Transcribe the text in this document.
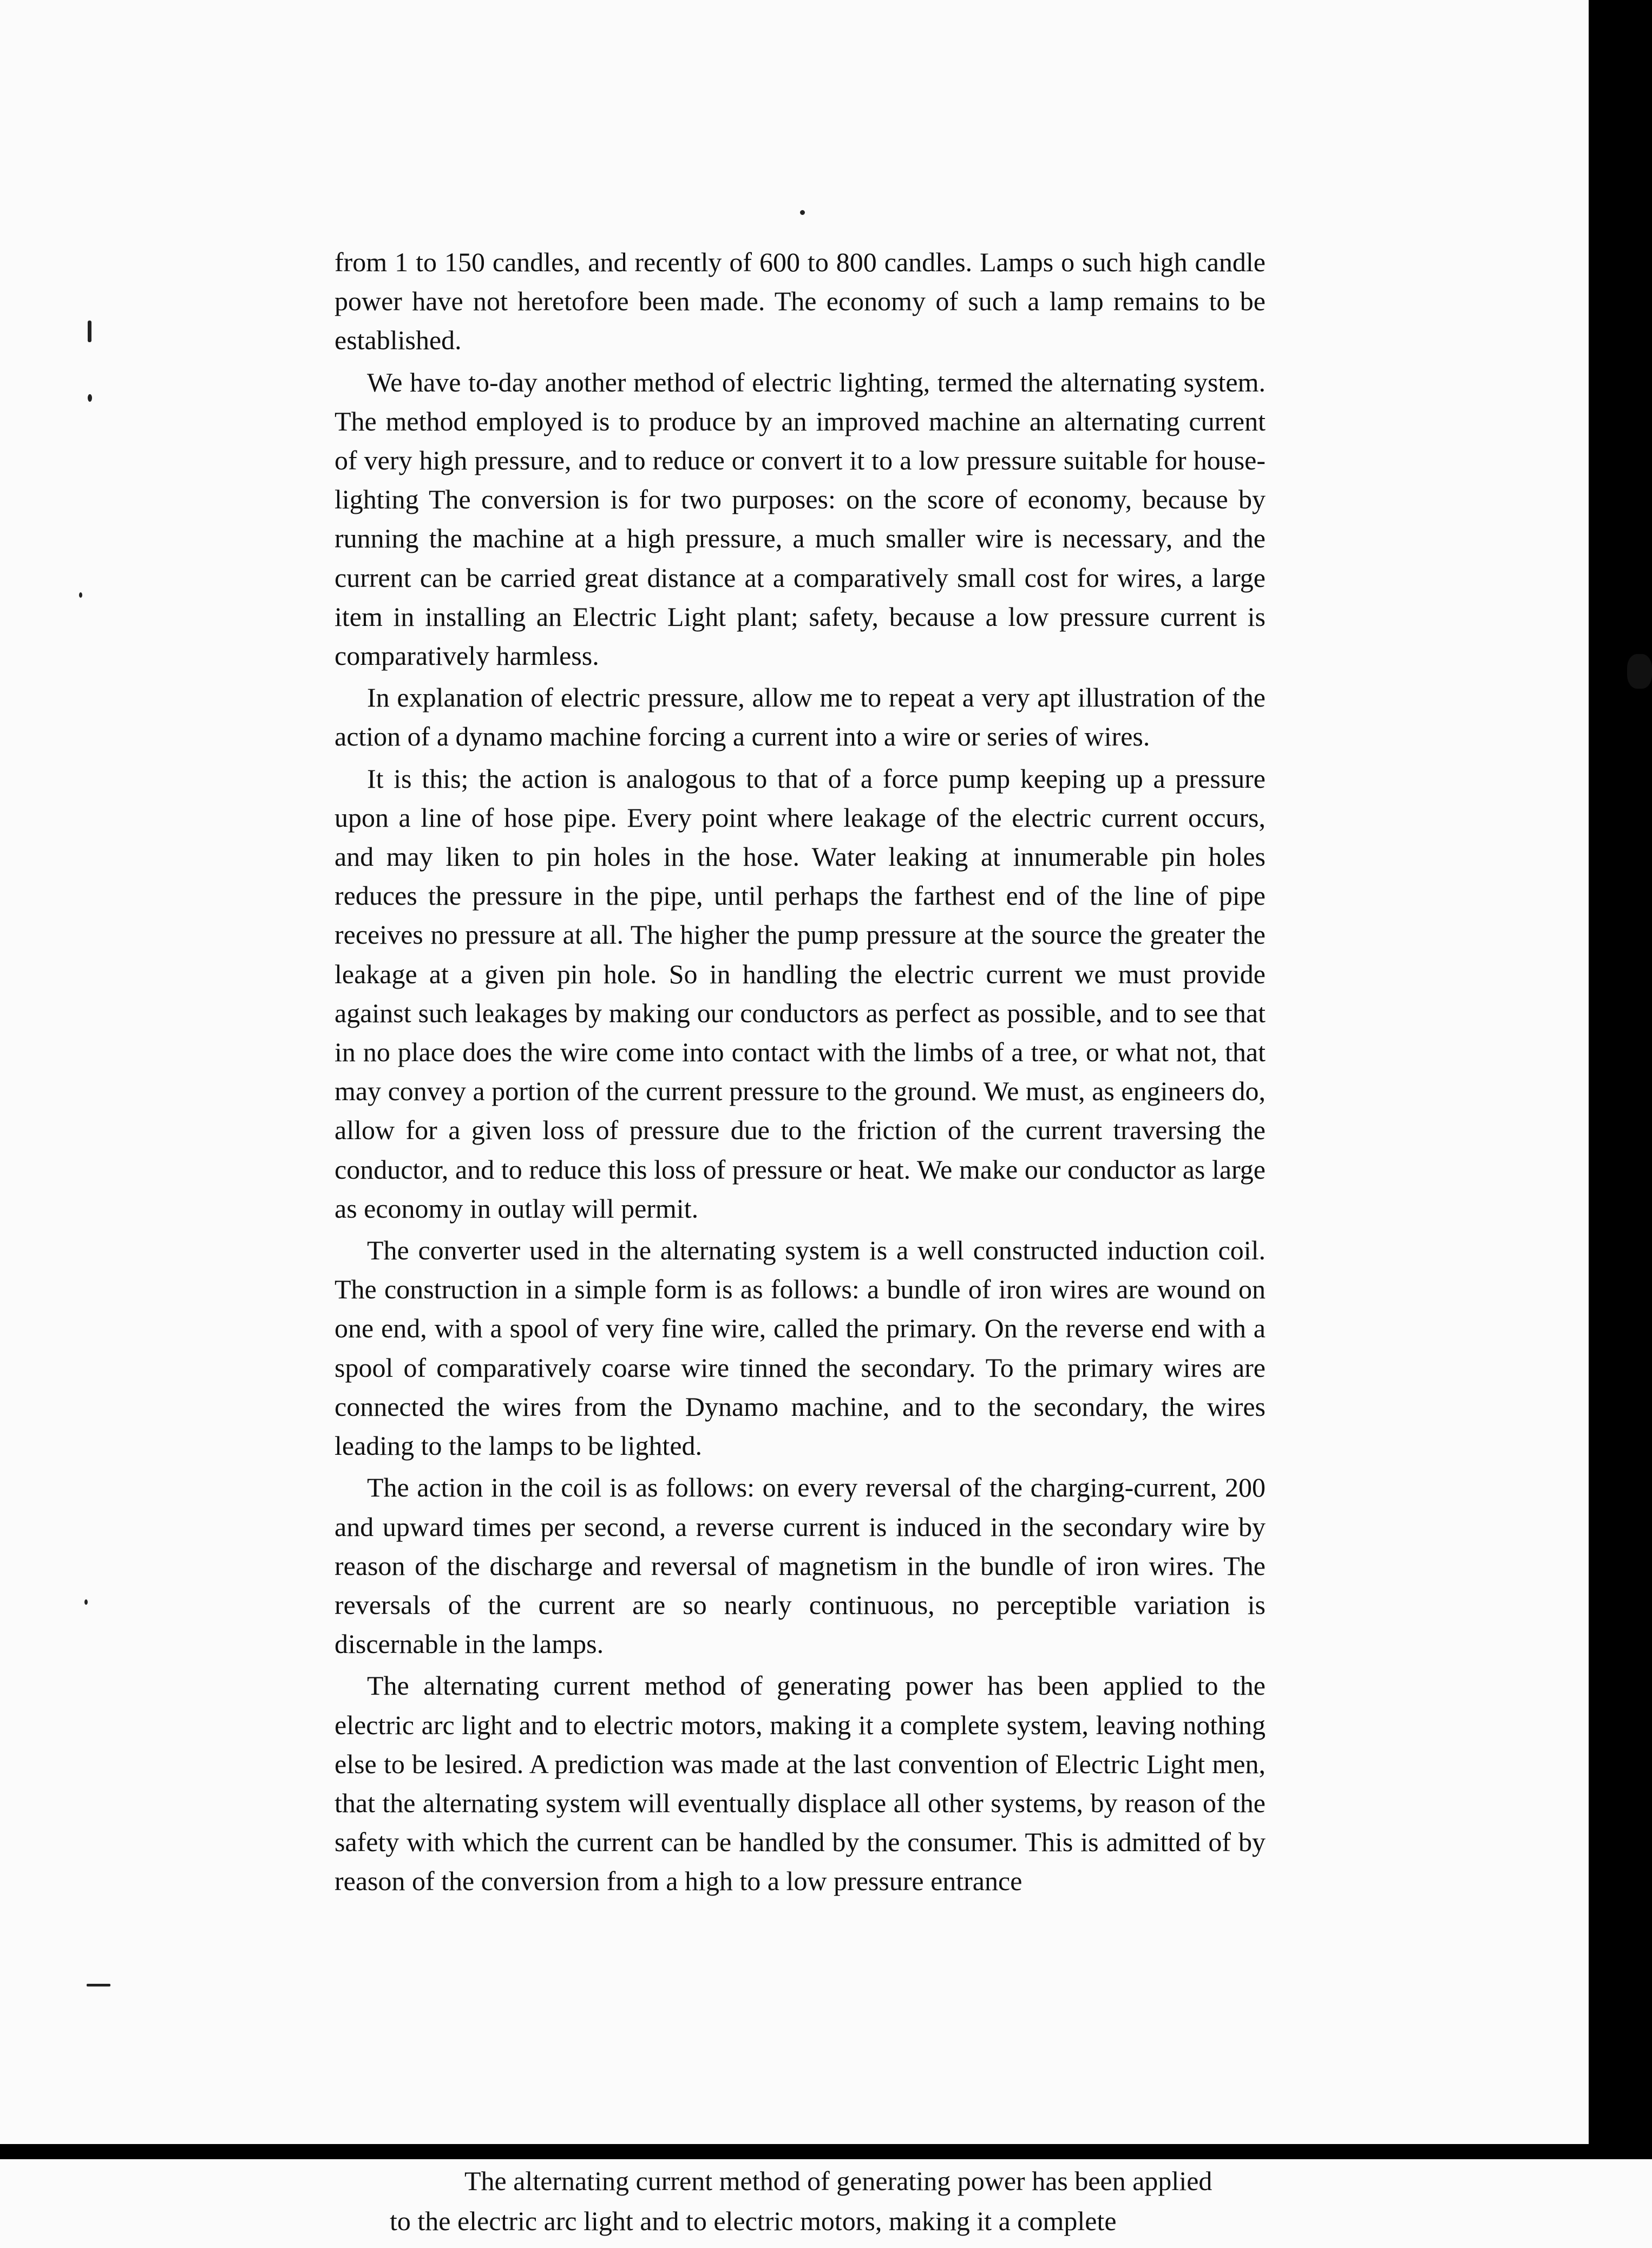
from 1 to 150 candles, and recently of 600 to 800 candles. Lamps o such high candle power have not heretofore been made. The economy of such a lamp remains to be established.

We have to-day another method of electric lighting, termed the alternating system. The method employed is to produce by an improved machine an alternating current of very high pressure, and to reduce or convert it to a low pressure suitable for house-lighting The conversion is for two purposes: on the score of economy, because by running the machine at a high pressure, a much smaller wire is necessary, and the current can be carried great distance at a comparatively small cost for wires, a large item in installing an Electric Light plant; safety, because a low pressure current is comparatively harmless.

In explanation of electric pressure, allow me to repeat a very apt illustration of the action of a dynamo machine forcing a current into a wire or series of wires.

It is this; the action is analogous to that of a force pump keeping up a pressure upon a line of hose pipe. Every point where leakage of the electric current occurs, and may liken to pin holes in the hose. Water leaking at innumerable pin holes reduces the pressure in the pipe, until perhaps the farthest end of the line of pipe receives no pressure at all. The higher the pump pressure at the source the greater the leakage at a given pin hole. So in handling the electric current we must provide against such leakages by making our conductors as perfect as possible, and to see that in no place does the wire come into contact with the limbs of a tree, or what not, that may convey a portion of the current pressure to the ground. We must, as engineers do, allow for a given loss of pressure due to the friction of the current traversing the conductor, and to reduce this loss of pressure or heat. We make our conductor as large as economy in outlay will permit.

The converter used in the alternating system is a well constructed induction coil. The construction in a simple form is as follows: a bundle of iron wires are wound on one end, with a spool of very fine wire, called the primary. On the reverse end with a spool of comparatively coarse wire tinned the secondary. To the primary wires are connected the wires from the Dynamo machine, and to the secondary, the wires leading to the lamps to be lighted.

The action in the coil is as follows: on every reversal of the charging-current, 200 and upward times per second, a reverse current is induced in the secondary wire by reason of the discharge and reversal of magnetism in the bundle of iron wires. The reversals of the current are so nearly continuous, no perceptible variation is discernable in the lamps.

The alternating current method of generating power has been applied to the electric arc light and to electric motors, making it a complete system, leaving nothing else to be lesired. A prediction was made at the last convention of Electric Light men, that the alternating system will eventually displace all other systems, by reason of the safety with which the current can be handled by the consumer. This is admitted of by reason of the conversion from a high to a low pressure entrance

The alternating current method of generating power has been applied
to the electric arc light and to electric motors, making it a complete
